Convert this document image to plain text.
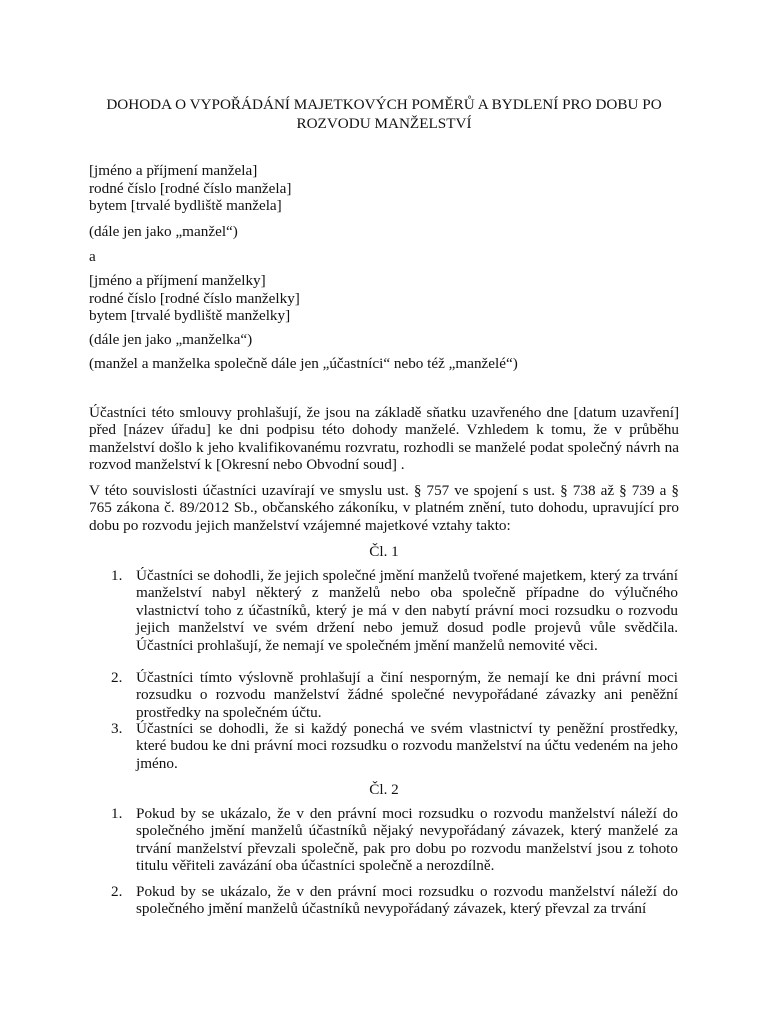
DOHODA O VYPOŘÁDÁNÍ MAJETKOVÝCH POMĚRŮ A BYDLENÍ PRO DOBU PO
ROZVODU MANŽELSTVÍ
[jméno a příjmení manžela]
rodné číslo [rodné číslo manžela]
bytem [trvalé bydliště manžela]
(dále jen jako „manžel“)
a
[jméno a příjmení manželky]
rodné číslo [rodné číslo manželky]
bytem [trvalé bydliště manželky]
(dále jen jako „manželka“)
(manžel a manželka společně dále jen „účastníci“ nebo též „manželé“)
Účastníci této smlouvy prohlašují, že jsou na základě sňatku uzavřeného dne [datum uzavření] před [název úřadu] ke dni podpisu této dohody manželé. Vzhledem k tomu, že v průběhu manželství došlo k jeho kvalifikovanému rozvratu, rozhodli se manželé podat společný návrh na rozvod manželství k [Okresní nebo Obvodní soud] .
V této souvislosti účastníci uzavírají ve smyslu ust. § 757 ve spojení s ust. § 738 až § 739 a § 765 zákona č. 89/2012 Sb., občanského zákoníku, v platném znění, tuto dohodu, upravující pro dobu po rozvodu jejich manželství vzájemné majetkové vztahy takto:
Čl. 1
1. Účastníci se dohodli, že jejich společné jmění manželů tvořené majetkem, který za trvání manželství nabyl některý z manželů nebo oba společně případne do výlučného vlastnictví toho z účastníků, který je má v den nabytí právní moci rozsudku o rozvodu jejich manželství ve svém držení nebo jemuž dosud podle projevů vůle svědčila. Účastníci prohlašují, že nemají ve společném jmění manželů nemovité věci.
2. Účastníci tímto výslovně prohlašují a činí nesporným, že nemají ke dni právní moci rozsudku o rozvodu manželství žádné společné nevypořádané závazky ani peněžní prostředky na společném účtu.
3. Účastníci se dohodli, že si každý ponechá ve svém vlastnictví ty peněžní prostředky, které budou ke dni právní moci rozsudku o rozvodu manželství na účtu vedeném na jeho jméno.
Čl. 2
1. Pokud by se ukázalo, že v den právní moci rozsudku o rozvodu manželství náleží do společného jmění manželů účastníků nějaký nevypořádaný závazek, který manželé za trvání manželství převzali společně, pak pro dobu po rozvodu manželství jsou z tohoto titulu věřiteli zavázání oba účastníci společně a nerozdílně.
2. Pokud by se ukázalo, že v den právní moci rozsudku o rozvodu manželství náleží do společného jmění manželů účastníků nevypořádaný závazek, který převzal za trvání
